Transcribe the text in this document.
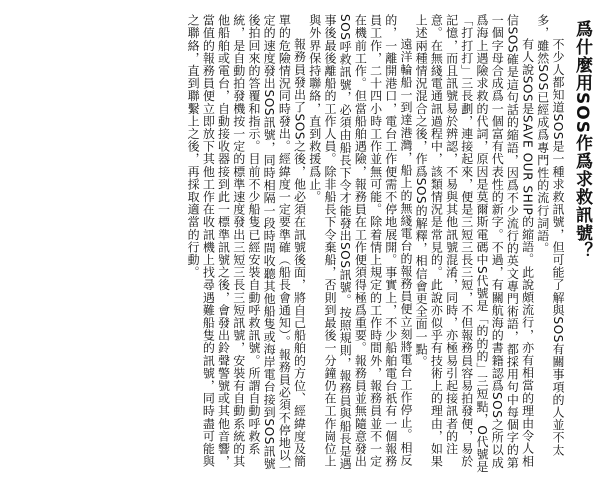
爲什麼用SOS作爲求救訊號？

不少人都知道SOS是一種求救訊號，但可能了解與SOS有關事項的人並不太多，雖然SOS已經成爲專門性的流行詞語。

有人說SOS是SAVE OUR SHIP的縮語。此說頗流行，亦有相當的理由令人相信SOS確是這句話的縮語，因爲不少流行的英文專門術語，都採用句中每個字的第一個字母合成爲一個富有代表性的新字。不過，有關航海的書籍認爲SOS之所以成爲海上遇險求救的代詞，原因是莫爾斯電碼中S代號是「的的的」三短點，O代號是「打打打」三長劃，連接起來，便是三短三長三短，不但報務員容易拍發便，易於記憶，而且訊號易於辨認，不易與其他訊號混淆，同時，亦極易引起接訊者的注意。在無綫電通訊過程中，該類情況是常見的。此說亦似乎有技術上的理由，如果上述兩種情況混合之後，作爲SOS的解釋，相信會更全面一點。

遠洋輪船一到達港灣，船上的無綫電台的報務員便立刻將電台工作停止。相反的，一離開港口，電台工作便需不停地展開。事實上，不少船舶電台祇有一個報務員工作，二十四小時工作並無可能。除着情上規定的工作時間外，報務員並不一定在機前工作。但當船舶遇險，報務員在工作便須得極爲重要。報務員並無隨意發出SOS呼救訊號，必須由船長下令才能發出SOS訊號。按照規則，報務員與船長是遇事後最後離船的工作人員。除非船長下令棄船，否則到最後一分鐘仍在工作崗位上與外界保持聯絡，直到救援爲止。

報務員發出了SOS之後，他必須在訊號後面，將自己船舶的方位、經緯度及簡單的危險情況同時發出。經緯度一定要準確（船長會通知）。報務員必須不停地以一定的速度發出SOS訊號，同時相隔一段時間收聽其他船隻或海岸電台接到SOS訊號後拍回來的答覆和指示。目前不少船隻已經安裝自動呼救訊號。所謂自動呼救系統，是自動拍發機按一定的標準速度發出三短三長三短訊號，安裝有自動系統的其他船舶或電台，自動接收器接到此一標準訊號之後，會發出鈴聲警號或其他音響，當值的報務員便立即放下其他工作在收訊機上找尋遇難船隻的訊號，同時盡可能與之聯絡，直到聯繫上之後，再採取適當的行動。
